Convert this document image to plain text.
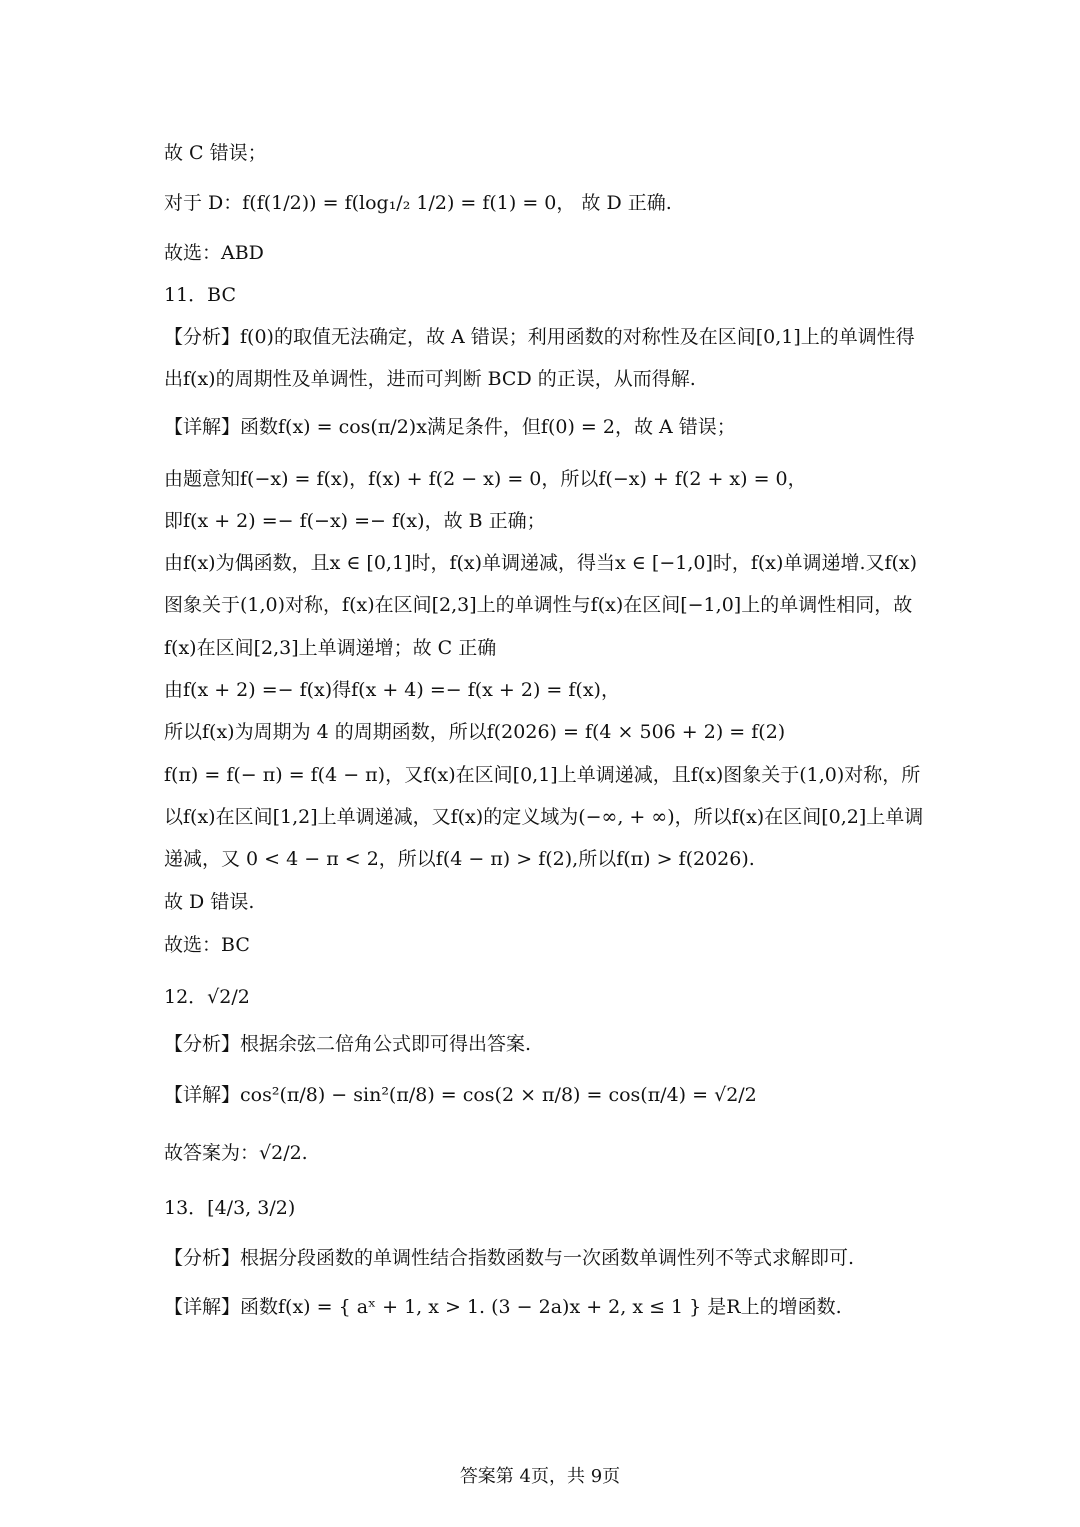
故 C 错误；
对于 D：f(f(1/2)) = f(log₁/₂ 1/2) = f(1) = 0， 故 D 正确.
故选：ABD
11．BC
【分析】f(0)的取值无法确定，故 A 错误；利用函数的对称性及在区间[0,1]上的单调性得
出f(x)的周期性及单调性，进而可判断 BCD 的正误，从而得解.
【详解】函数f(x) = cos(π/2)x满足条件，但f(0) = 2，故 A 错误；
由题意知f(−x) = f(x)，f(x) + f(2 − x) = 0，所以f(−x) + f(2 + x) = 0，
即f(x + 2) =− f(−x) =− f(x)，故 B 正确；
由f(x)为偶函数，且x ∈ [0,1]时，f(x)单调递减，得当x ∈ [−1,0]时，f(x)单调递增.又f(x)
图象关于(1,0)对称，f(x)在区间[2,3]上的单调性与f(x)在区间[−1,0]上的单调性相同，故
f(x)在区间[2,3]上单调递增；故 C 正确
由f(x + 2) =− f(x)得f(x + 4) =− f(x + 2) = f(x)，
所以f(x)为周期为 4 的周期函数，所以f(2026) = f(4 × 506 + 2) = f(2)
f(π) = f(− π) = f(4 − π)，又f(x)在区间[0,1]上单调递减，且f(x)图象关于(1,0)对称，所
以f(x)在区间[1,2]上单调递减，又f(x)的定义域为(−∞, + ∞)，所以f(x)在区间[0,2]上单调
递减，又 0 < 4 − π < 2，所以f(4 − π) > f(2),所以f(π) > f(2026).
故 D 错误.
故选：BC
12．√2/2
【分析】根据余弦二倍角公式即可得出答案.
【详解】cos²(π/8) − sin²(π/8) = cos(2 × π/8) = cos(π/4) = √2/2
故答案为：√2/2.
13．[4/3, 3/2)
【分析】根据分段函数的单调性结合指数函数与一次函数单调性列不等式求解即可.
【详解】函数f(x) = { aˣ + 1, x > 1. (3 − 2a)x + 2, x ≤ 1 } 是R上的增函数.
答案第 4页，共 9页
